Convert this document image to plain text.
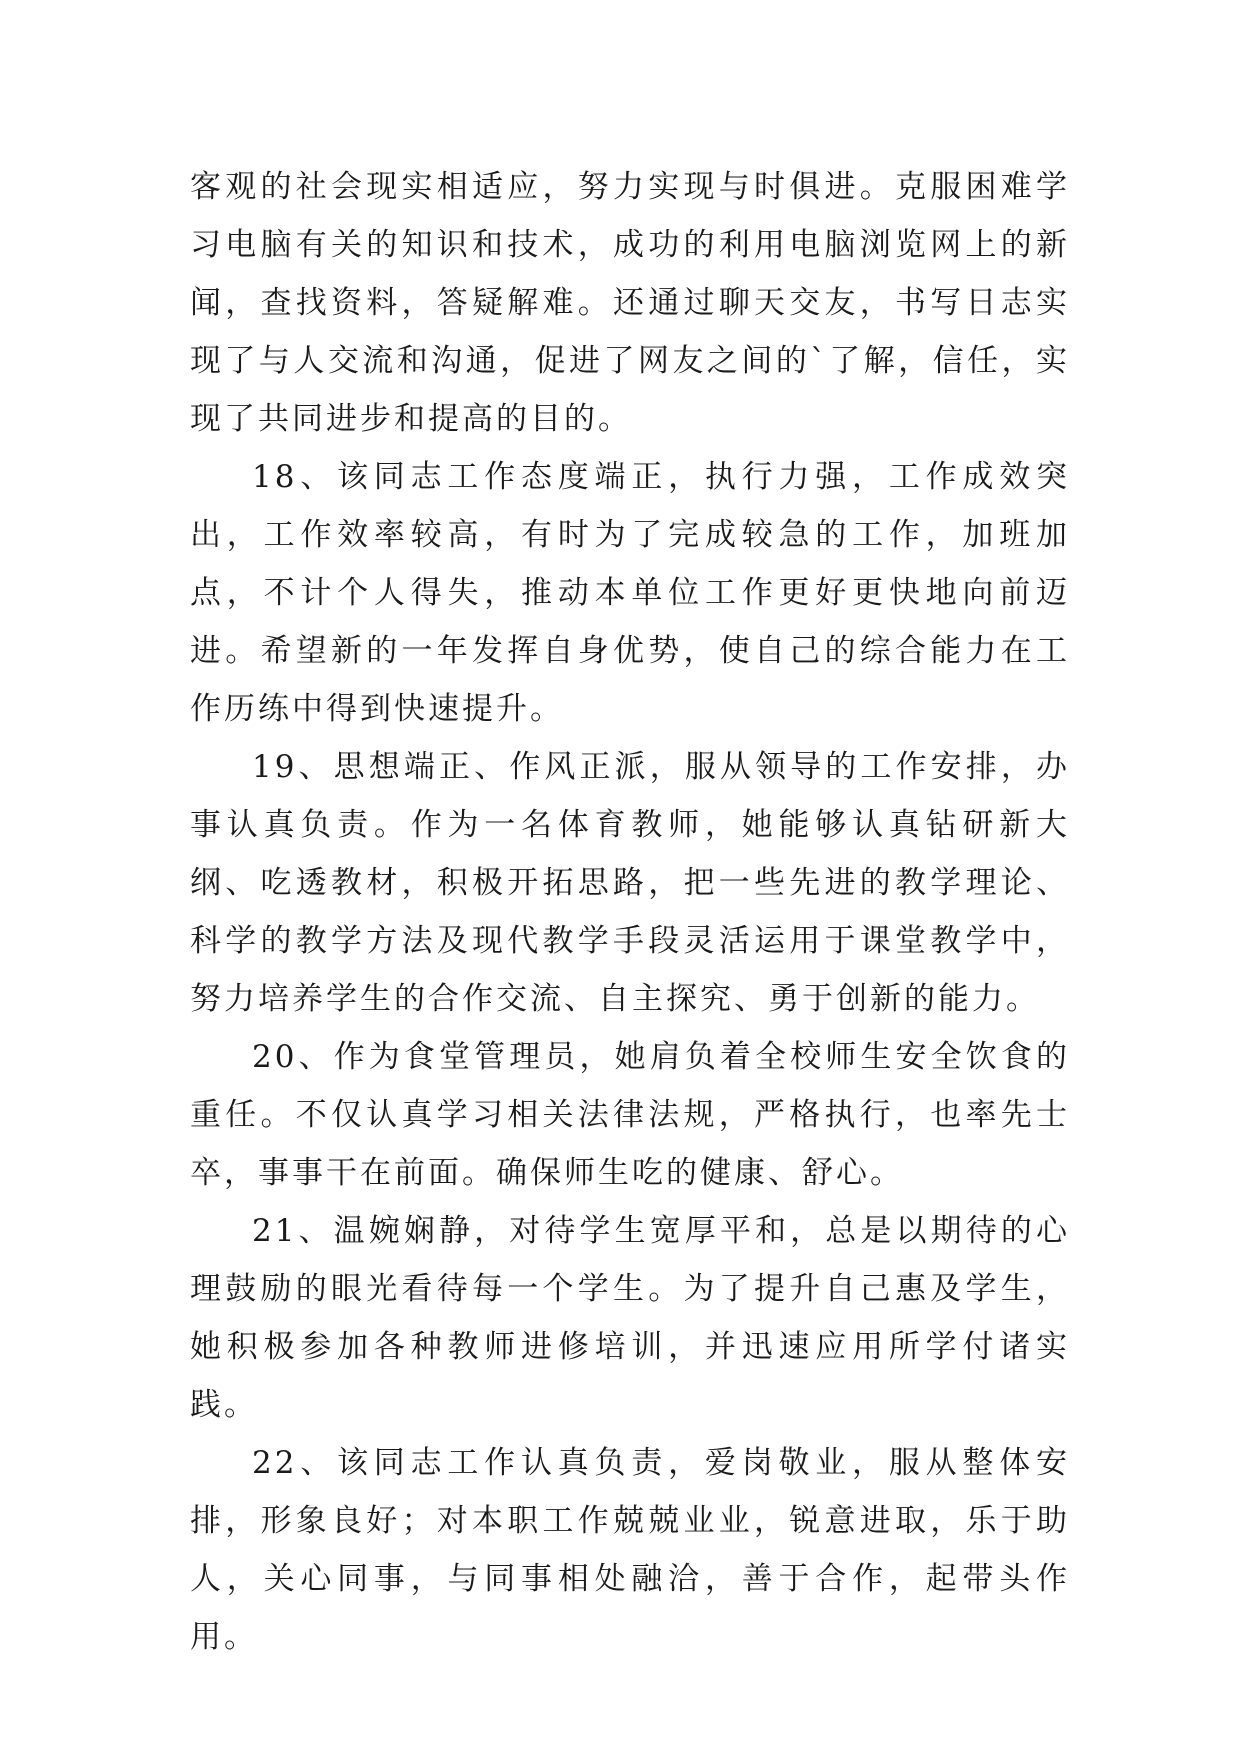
客观的社会现实相适应，努力实现与时俱进。克服困难学习电脑有关的知识和技术，成功的利用电脑浏览网上的新闻，查找资料，答疑解难。还通过聊天交友，书写日志实现了与人交流和沟通，促进了网友之间的`了解，信任，实现了共同进步和提高的目的。

18、该同志工作态度端正，执行力强，工作成效突出，工作效率较高，有时为了完成较急的工作，加班加点，不计个人得失，推动本单位工作更好更快地向前迈进。希望新的一年发挥自身优势，使自己的综合能力在工作历练中得到快速提升。

19、思想端正、作风正派，服从领导的工作安排，办事认真负责。作为一名体育教师，她能够认真钻研新大纲、吃透教材，积极开拓思路，把一些先进的教学理论、科学的教学方法及现代教学手段灵活运用于课堂教学中，努力培养学生的合作交流、自主探究、勇于创新的能力。

20、作为食堂管理员，她肩负着全校师生安全饮食的重任。不仅认真学习相关法律法规，严格执行，也率先士卒，事事干在前面。确保师生吃的健康、舒心。

21、温婉娴静，对待学生宽厚平和，总是以期待的心理鼓励的眼光看待每一个学生。为了提升自己惠及学生，她积极参加各种教师进修培训，并迅速应用所学付诸实践。

22、该同志工作认真负责，爱岗敬业，服从整体安排，形象良好；对本职工作兢兢业业，锐意进取，乐于助人，关心同事，与同事相处融洽，善于合作，起带头作用。
